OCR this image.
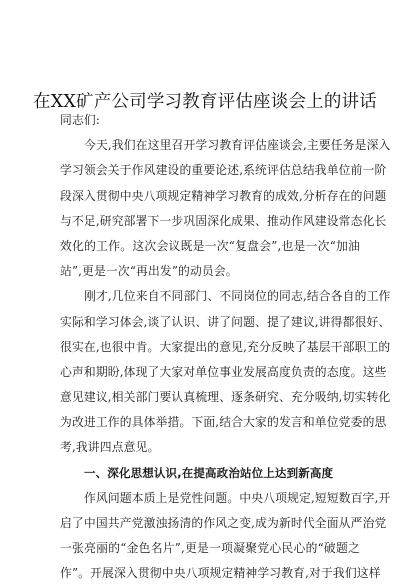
在XX矿产公司学习教育评估座谈会上的讲话
同志们:
今天,我们在这里召开学习教育评估座谈会,主要任务是深入
学习领会关于作风建设的重要论述,系统评估总结我单位前一阶
段深入贯彻中央八项规定精神学习教育的成效,分析存在的问题
与不足,研究部署下一步巩固深化成果、推动作风建设常态化长
效化的工作。这次会议既是一次“复盘会”,也是一次“加油
站”,更是一次“再出发”的动员会。
刚才,几位来自不同部门、不同岗位的同志,结合各自的工作
实际和学习体会,谈了认识、讲了问题、提了建议,讲得都很好、
很实在,也很中肯。大家提出的意见,充分反映了基层干部职工的
心声和期盼,体现了大家对单位事业发展高度负责的态度。这些
意见建议,相关部门要认真梳理、逐条研究、充分吸纳,切实转化
为改进工作的具体举措。下面,结合大家的发言和单位党委的思
考,我讲四点意见。
一、深化思想认识,在提高政治站位上达到新高度
作风问题本质上是党性问题。中央八项规定,短短数百字,开
启了中国共产党激浊扬清的作风之变,成为新时代全面从严治党
一张亮丽的“金色名片”,更是一项凝聚党心民心的“破题之
作”。开展深入贯彻中央八项规定精神学习教育,对于我们这样
